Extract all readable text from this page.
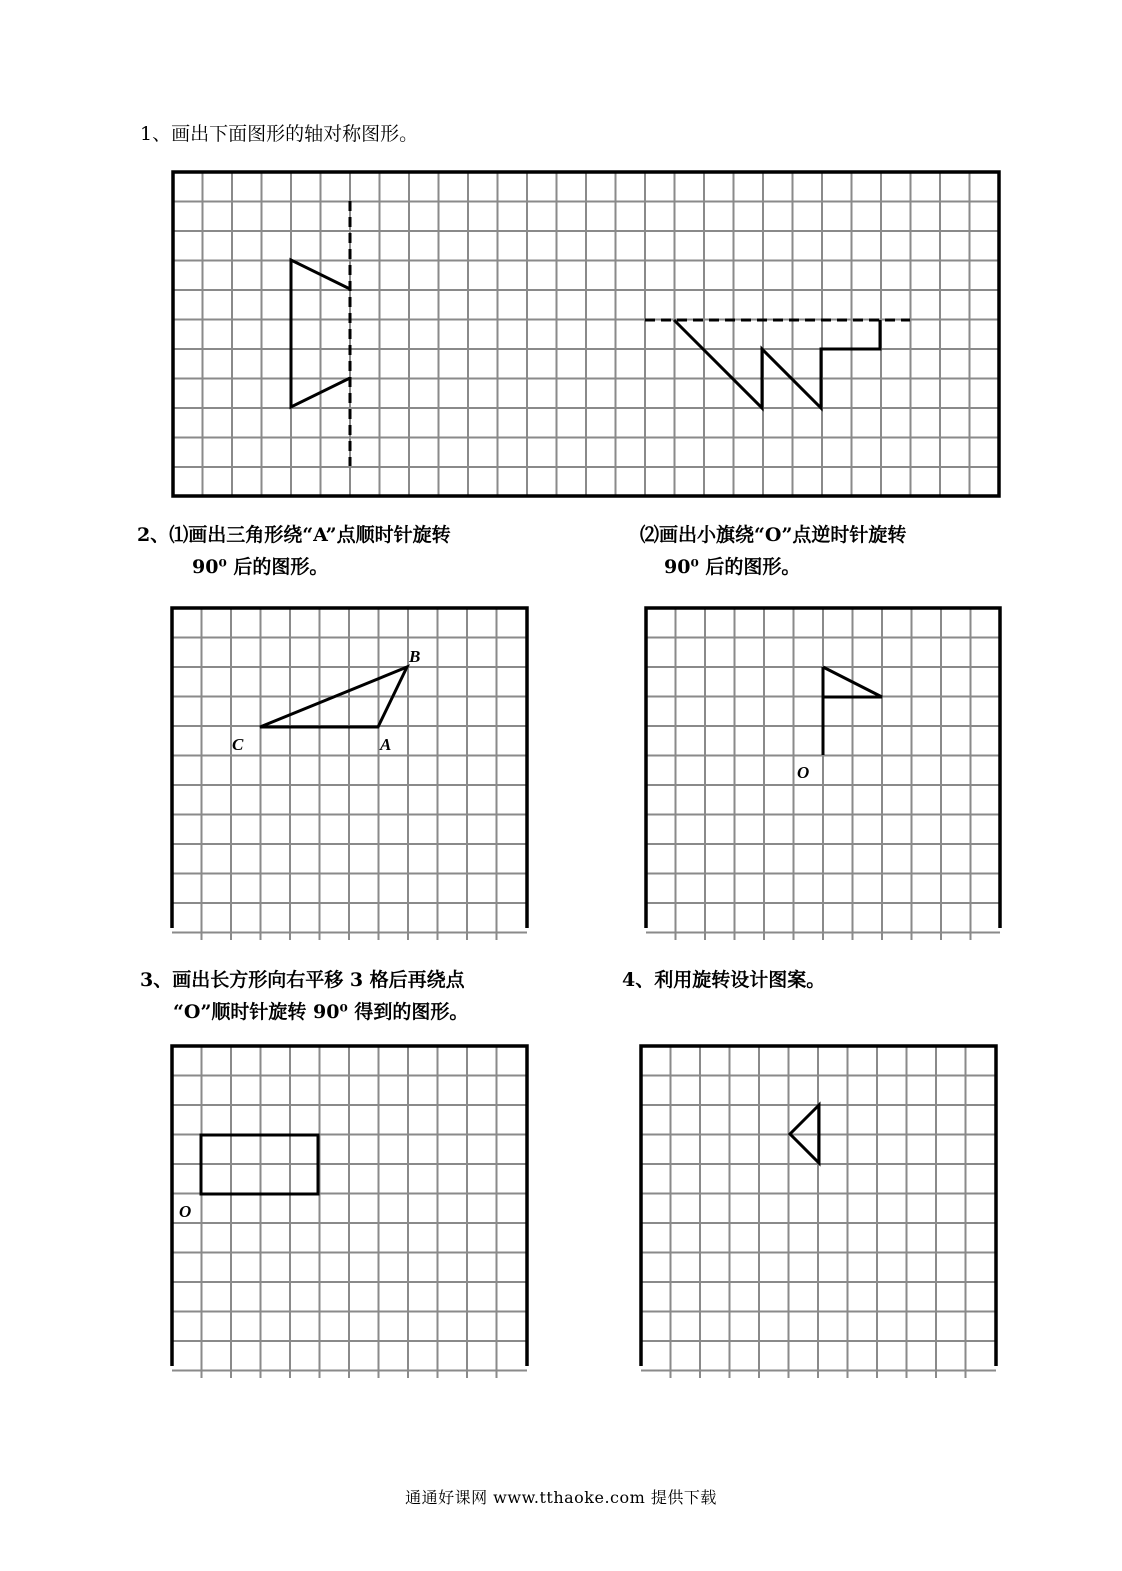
1、画出下面图形的轴对称图形。
2、⑴画出三角形绕“A”点顺时针旋转
90⁰ 后的图形。
⑵画出小旗绕“O”点逆时针旋转
90⁰ 后的图形。
3、画出长方形向右平移 3 格后再绕点
“O”顺时针旋转 90⁰ 得到的图形。
4、利用旋转设计图案。
B
C	A
O
O
通通好课网 www.tthaoke.com 提供下载
